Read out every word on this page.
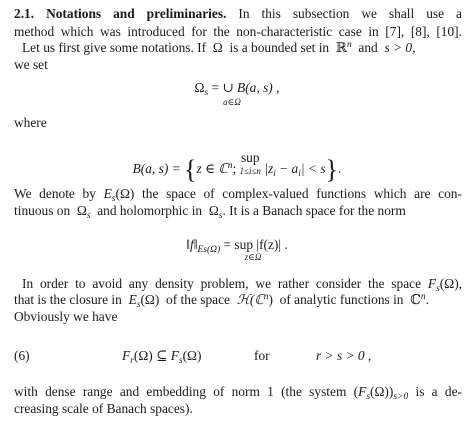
2.1. Notations and preliminaries. In this subsection we shall use a
method which was introduced for the non-characteristic case in [7], [8], [10].
Let us first give some notations. If Ω is a bounded set in ℝ$^n$ and s > 0,
we set
$\Omega_s$ = ∪ B(a, s) ,
a∈Ω
where
B(a, s) = {z ∈ ℂ$^n$; sup
1≤i≤n $|z_i - a_i| < s$}.
We denote by $E_s(\Omega)$ the space of complex-valued functions which are con-
tinuous on $\Omega_s$ and holomorphic in $\Omega_s$. It is a Banach space for the norm
$‖f‖_{Es(\Omega)}$ = sup |f(z)| .
z∈Ω
In order to avoid any density problem, we rather consider the space $F_s(\Omega)$,
that is the closure in $E_s(\Omega)$ of the space ℋ(ℂ$^n$) of analytic functions in ℂ$^n$.
Obviously we have
(6)	$F_r(\Omega)$ ⊆ $F_s(\Omega)$	for	r > s > 0 ,
with dense range and embedding of norm 1 (the system $(F_s(\Omega))_{s>0}$ is a de-
creasing scale of Banach spaces).
